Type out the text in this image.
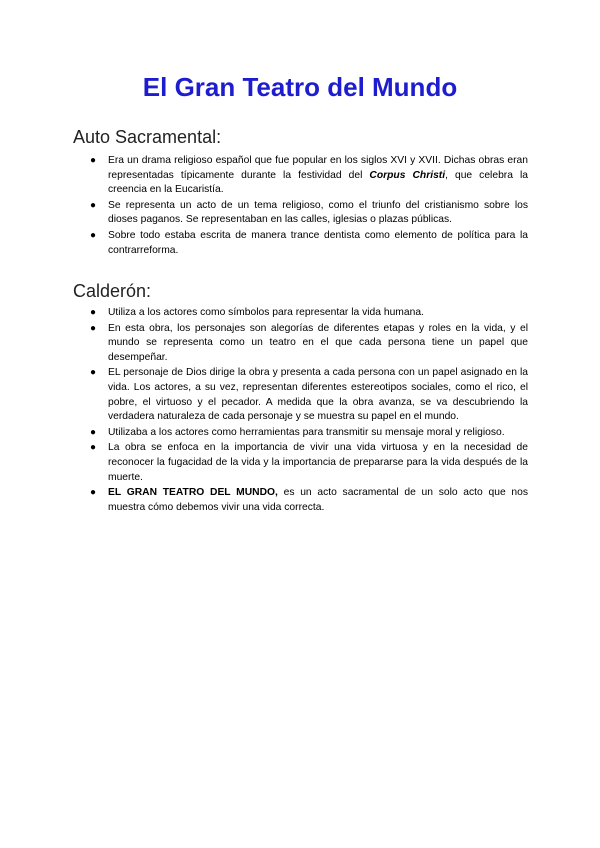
El Gran Teatro del Mundo
Auto Sacramental:
● Era un drama religioso español que fue popular en los siglos XVI y XVII. Dichas obras eran representadas típicamente durante la festividad del Corpus Christi, que celebra la creencia en la Eucaristía.
● Se representa un acto de un tema religioso, como el triunfo del cristianismo sobre los dioses paganos. Se representaban en las calles, iglesias o plazas públicas.
● Sobre todo estaba escrita de manera trance dentista como elemento de política para la contrarreforma.
Calderón:
● Utiliza a los actores como símbolos para representar la vida humana.
● En esta obra, los personajes son alegorías de diferentes etapas y roles en la vida, y el mundo se representa como un teatro en el que cada persona tiene un papel que desempeñar.
● EL personaje de Dios dirige la obra y presenta a cada persona con un papel asignado en la vida. Los actores, a su vez, representan diferentes estereotipos sociales, como el rico, el pobre, el virtuoso y el pecador. A medida que la obra avanza, se va descubriendo la verdadera naturaleza de cada personaje y se muestra su papel en el mundo.
● Utilizaba a los actores como herramientas para transmitir su mensaje moral y religioso.
● La obra se enfoca en la importancia de vivir una vida virtuosa y en la necesidad de reconocer la fugacidad de la vida y la importancia de prepararse para la vida después de la muerte.
● EL GRAN TEATRO DEL MUNDO, es un acto sacramental de un solo acto que nos muestra cómo debemos vivir una vida correcta.
